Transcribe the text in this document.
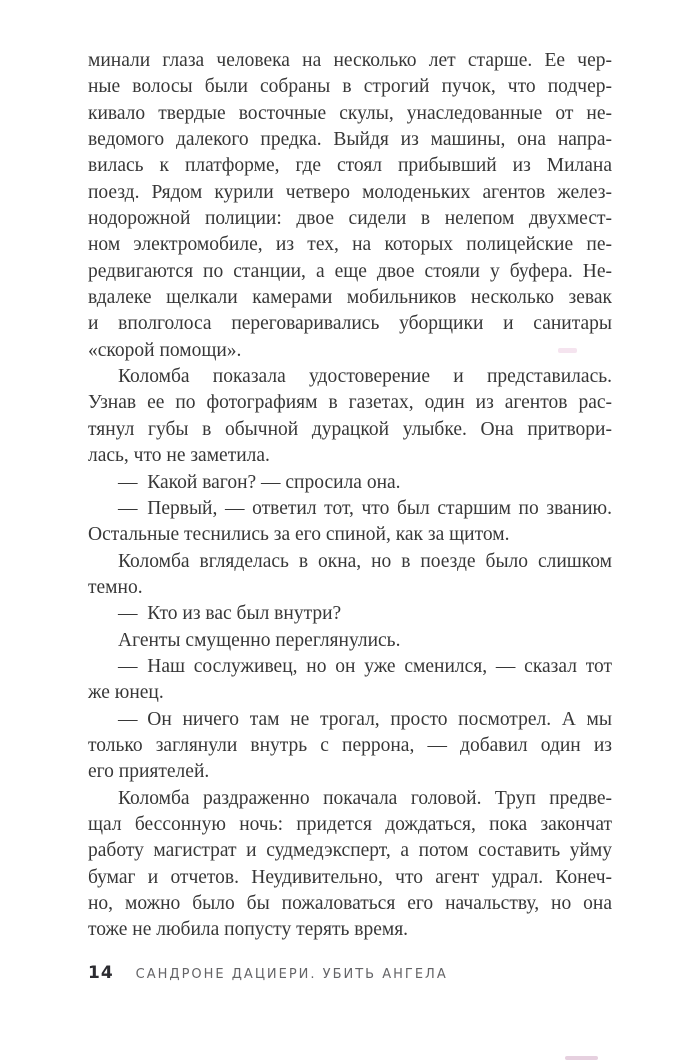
минали глаза человека на несколько лет старше. Ее чер-
ные волосы были собраны в строгий пучок, что подчер-
кивало твердые восточные скулы, унаследованные от не-
ведомого далекого предка. Выйдя из машины, она напра-
вилась к платформе, где стоял прибывший из Милана
поезд. Рядом курили четверо молоденьких агентов желез-
нодорожной полиции: двое сидели в нелепом двухмест-
ном электромобиле, из тех, на которых полицейские пе-
редвигаются по станции, а еще двое стояли у буфера. Не-
вдалеке щелкали камерами мобильников несколько зевак
и вполголоса переговаривались уборщики и санитары
«скорой помощи».
Коломба показала удостоверение и представилась.
Узнав ее по фотографиям в газетах, один из агентов рас-
тянул губы в обычной дурацкой улыбке. Она притвори-
лась, что не заметила.
— Какой вагон? — спросила она.
— Первый, — ответил тот, что был старшим по званию.
Остальные теснились за его спиной, как за щитом.
Коломба вгляделась в окна, но в поезде было слишком
темно.
— Кто из вас был внутри?
Агенты смущенно переглянулись.
— Наш сослуживец, но он уже сменился, — сказал тот
же юнец.
— Он ничего там не трогал, просто посмотрел. А мы
только заглянули внутрь с перрона, — добавил один из
его приятелей.
Коломба раздраженно покачала головой. Труп предве-
щал бессонную ночь: придется дождаться, пока закончат
работу магистрат и судмедэксперт, а потом составить уйму
бумаг и отчетов. Неудивительно, что агент удрал. Конеч-
но, можно было бы пожаловаться его начальству, но она
тоже не любила попусту терять время.
14 САНДРОНЕ ДАЦИЕРИ. УБИТЬ АНГЕЛА
